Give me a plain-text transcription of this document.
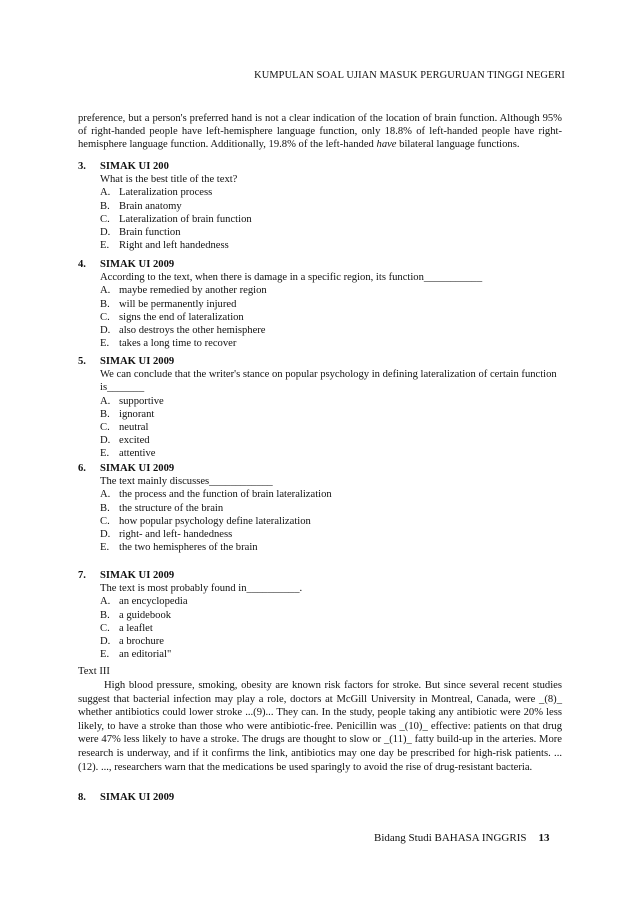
KUMPULAN SOAL UJIAN MASUK PERGURUAN TINGGI NEGERI
preference, but a person's preferred hand is not a clear indication of the location of brain function. Although 95% of right-handed people have left-hemisphere language function, only 18.8% of left-handed people have right-hemisphere language function. Additionally, 19.8% of the left-handed have bilateral language functions.
3. SIMAK UI 200
What is the best title of the text?
A. Lateralization process
B. Brain anatomy
C. Lateralization of brain function
D. Brain function
E. Right and left handedness
4. SIMAK UI 2009
According to the text, when there is damage in a specific region, its function___________
A. maybe remedied by another region
B. will be permanently injured
C. signs the end of lateralization
D. also destroys the other hemisphere
E. takes a long time to recover
5. SIMAK UI 2009
We can conclude that the writer's stance on popular psychology in defining lateralization of certain function is_______
A. supportive
B. ignorant
C. neutral
D. excited
E. attentive
6. SIMAK UI 2009
The text mainly discusses____________
A. the process and the function of brain lateralization
B. the structure of the brain
C. how popular psychology define lateralization
D. right- and left- handedness
E. the two hemispheres of the brain
7. SIMAK UI 2009
The text is most probably found in__________.
A. an encyclopedia
B. a guidebook
C. a leaflet
D. a brochure
E. an editorial"
Text III
High blood pressure, smoking, obesity are known risk factors for stroke. But since several recent studies suggest that bacterial infection may play a role, doctors at McGill University in Montreal, Canada, were _(8)_ whether antibiotics could lower stroke ...(9)... They can. In the study, people taking any antibiotic were 20% less likely, to have a stroke than those who were antibiotic-free. Penicillin was _(10)_ effective: patients on that drug were 47% less likely to have a stroke. The drugs are thought to slow or _(11)_ fatty build-up in the arteries. More research is underway, and if it confirms the link, antibiotics may one day be prescribed for high-risk patients. ...(12). ..., researchers warn that the medications be used sparingly to avoid the rise of drug-resistant bacteria.
8. SIMAK UI 2009
Bidang Studi BAHASA INGGRIS 13
